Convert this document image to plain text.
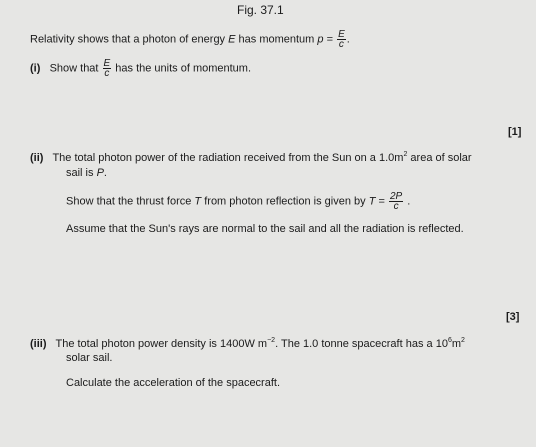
Fig. 37.1
Relativity shows that a photon of energy E has momentum $p = \frac{E}{c}$ .
(i) Show that $\frac{E}{c}$ has the units of momentum.
[1]
(ii) The total photon power of the radiation received from the Sun on a $1.0m^2$ area of solar
sail is P.
Show that the thrust force T from photon reflection is given by $T = \frac{2P}{c}$ .
Assume that the Sun's rays are normal to the sail and all the radiation is reflected.
[3]
(iii) The total photon power density is 1400W $m^{-2}$. The 1.0 tonne spacecraft has a $10^6m^2$
solar sail.
Calculate the acceleration of the spacecraft.
